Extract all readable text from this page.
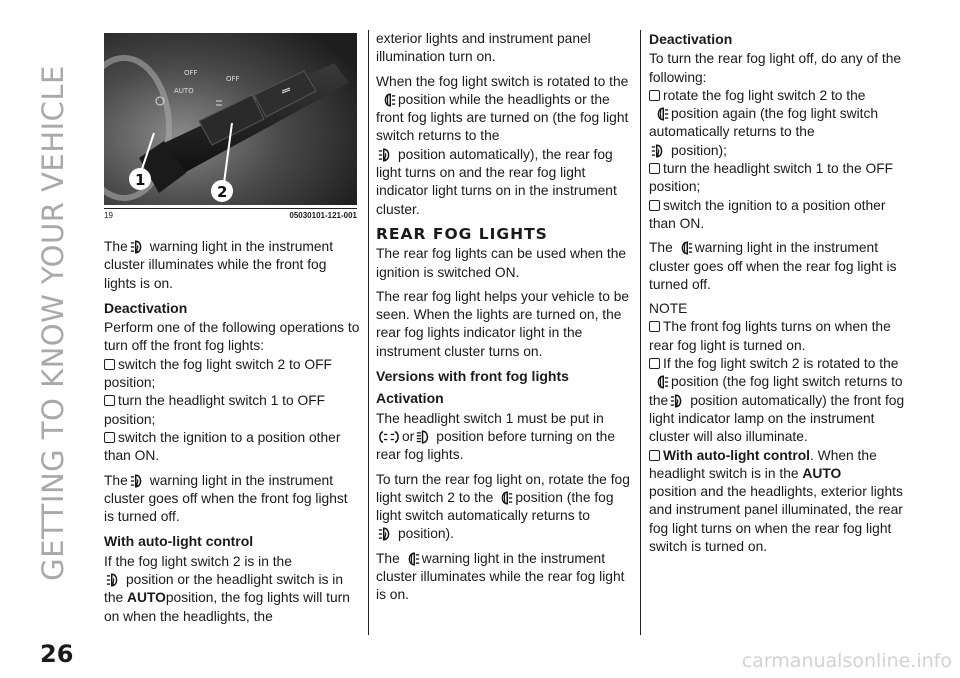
GETTING TO KNOW YOUR VEHICLE	OFF
OFF
AUTO
1
2
19	05030101-121-001

The warning light in the instrument cluster illuminates while the front fog lights is on.

Deactivation

Perform one of the following operations to turn off the front fog lights:

switch the fog light switch 2 to OFF position;

turn the headlight switch 1 to OFF position;

switch the ignition to a position other than ON.

The warning light in the instrument cluster goes off when the front fog lighst is turned off.

With auto-light control

If the fog light switch 2 is in the
position or the headlight switch is in the AUTOposition, the fog lights will turn on when the headlights, the

exterior lights and instrument panel illumination turn on.

When the fog light switch is rotated to theposition while the headlights or the front fog lights are turned on (the fog light switch returns to the
position automatically), the rear fog light turns on and the rear fog light indicator light turns on in the instrument cluster.

REAR FOG LIGHTS

The rear fog lights can be used when the ignition is switched ON.

The rear fog light helps your vehicle to be seen. When the lights are turned on, the rear fog lights indicator light in the instrument cluster turns on.

Versions with front fog lights
Activation

The headlight switch 1 must be put in
or position before turning on the rear fog lights.

To turn the rear fog light on, rotate the fog light switch 2 to the position (the fog light switch automatically returns to
position).

The warning light in the instrument cluster illuminates while the rear fog light is on.

Deactivation

To turn the rear fog light off, do any of the following:

rotate the fog light switch 2 to the
position again (the fog light switch automatically returns to the
position);

turn the headlight switch 1 to the OFF position;

switch the ignition to a position other than ON.

The warning light in the instrument cluster goes off when the rear fog light is turned off.

NOTE

The front fog lights turns on when the rear fog light is turned on.

If the fog light switch 2 is rotated to theposition (the fog light switch returns to the position automatically) the front fog light indicator lamp on the instrument cluster will also illuminate.

With auto-light control. When the headlight switch is in the AUTO
position and the headlights, exterior lights and instrument panel illuminated, the rear fog light turns on when the rear fog light switch is turned on.

26	carmanualsonline.info
